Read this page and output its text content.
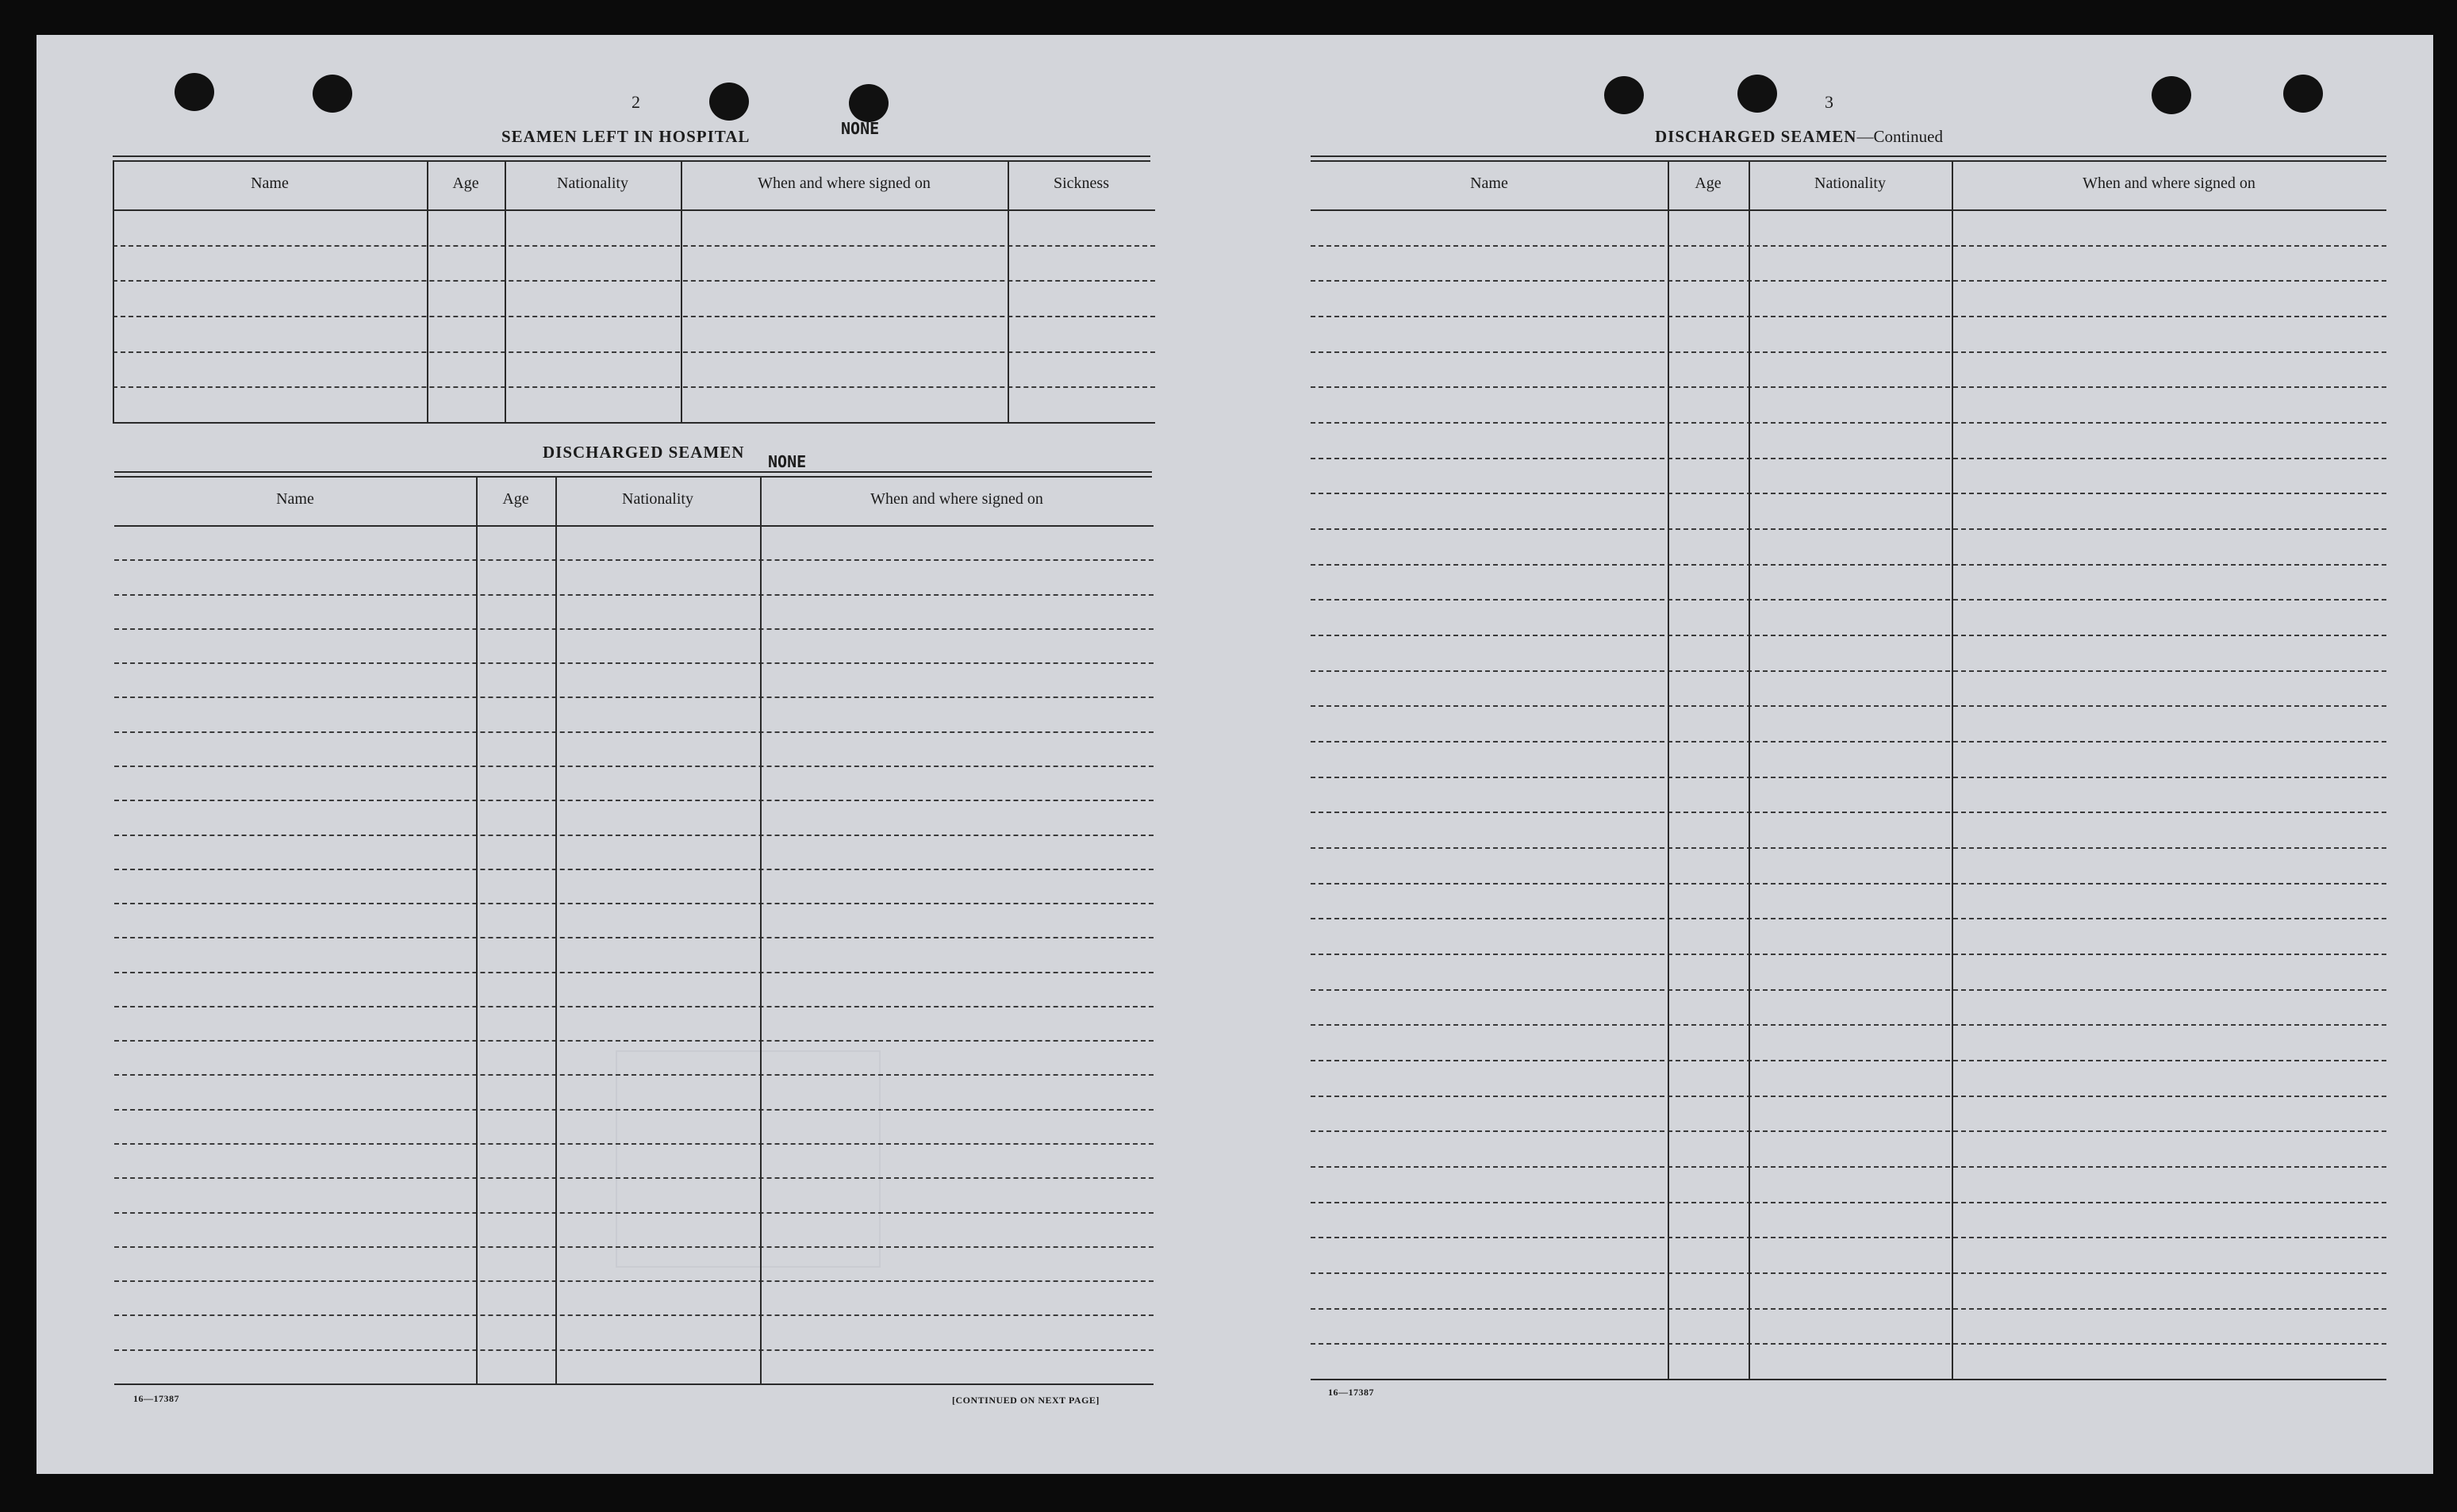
2
SEAMEN LEFT IN HOSPITAL	NONE
Name	Age	Nationality	When and where signed on	Sickness
DISCHARGED SEAMEN NONE
Name	Age	Nationality	When and where signed on
16—17387	[CONTINUED ON NEXT PAGE]
3
DISCHARGED SEAMEN—Continued
Name	Age	Nationality	When and where signed on
16—17387
